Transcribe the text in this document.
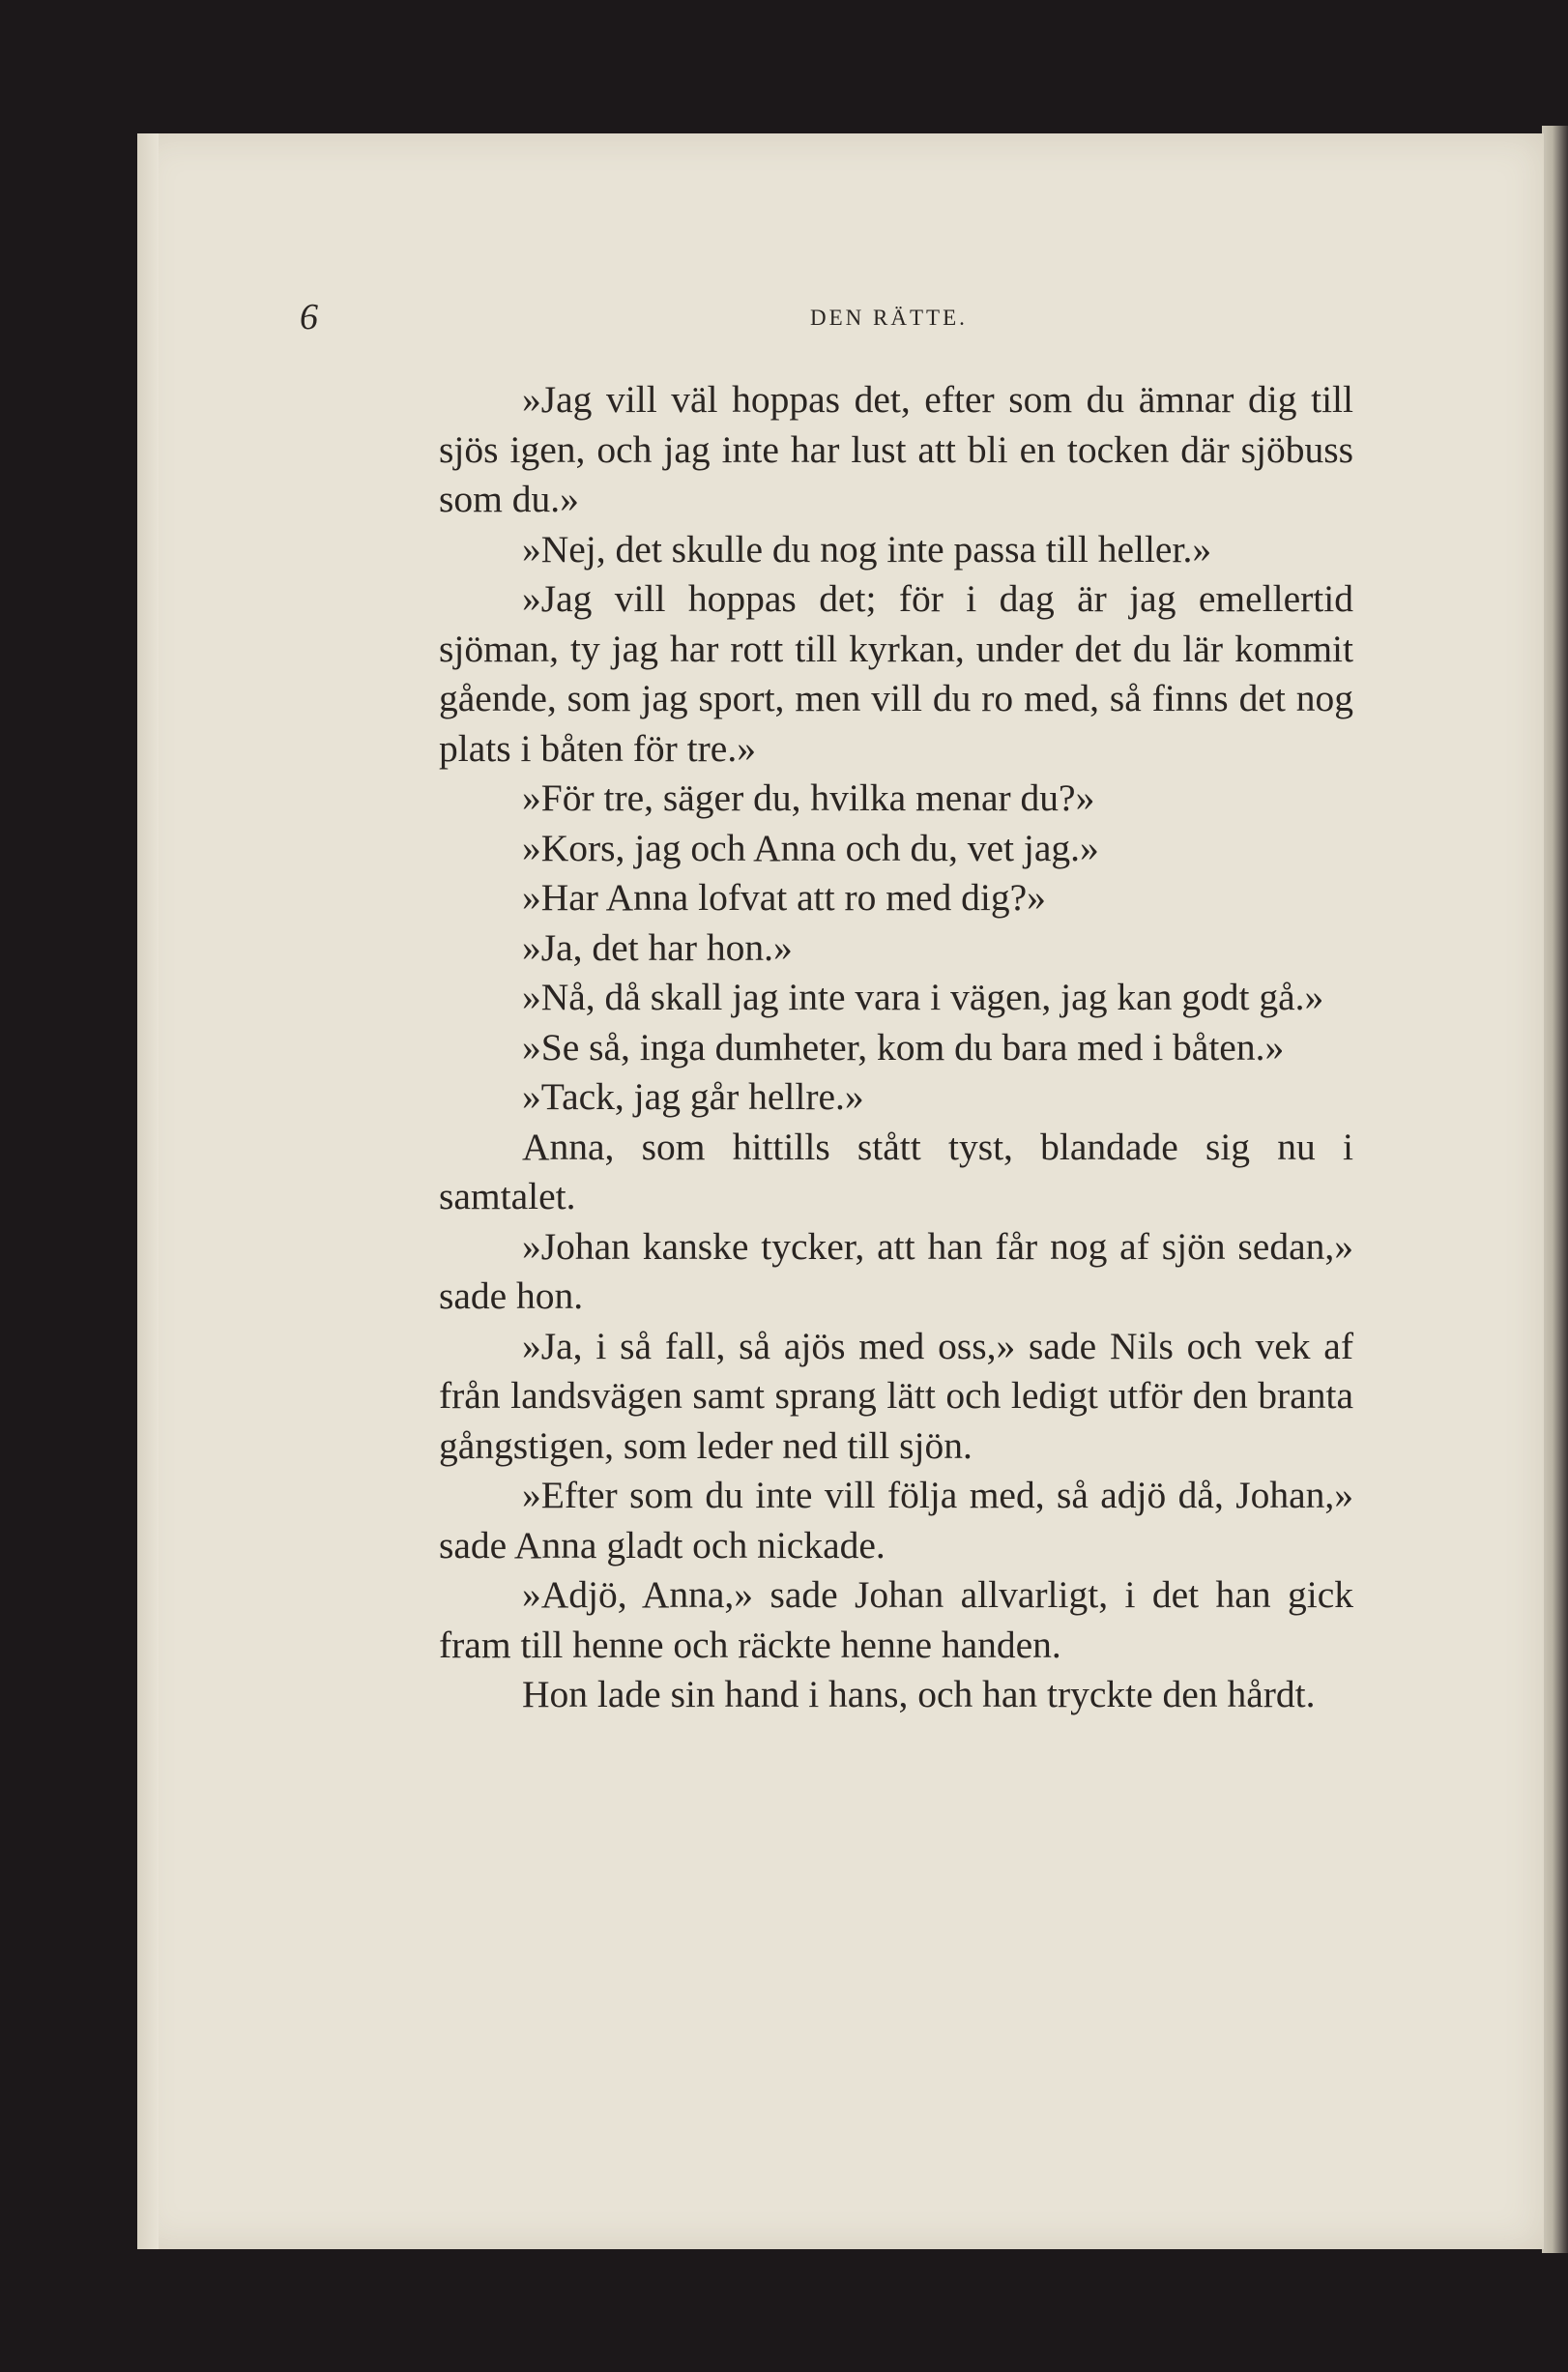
6	DEN RÄTTE.

»Jag vill väl hoppas det, efter som du ämnar dig till sjös igen, och jag inte har lust att bli en tocken där sjöbuss som du.»

»Nej, det skulle du nog inte passa till heller.»

»Jag vill hoppas det; för i dag är jag emellertid sjöman, ty jag har rott till kyrkan, under det du lär kommit gående, som jag sport, men vill du ro med, så finns det nog plats i båten för tre.»

»För tre, säger du, hvilka menar du?»

»Kors, jag och Anna och du, vet jag.»

»Har Anna lofvat att ro med dig?»

»Ja, det har hon.»

»Nå, då skall jag inte vara i vägen, jag kan godt gå.»

»Se så, inga dumheter, kom du bara med i båten.»

»Tack, jag går hellre.»

Anna, som hittills stått tyst, blandade sig nu i samtalet.

»Johan kanske tycker, att han får nog af sjön sedan,» sade hon.

»Ja, i så fall, så ajös med oss,» sade Nils och vek af från landsvägen samt sprang lätt och ledigt utför den branta gångstigen, som leder ned till sjön.

»Efter som du inte vill följa med, så adjö då, Johan,» sade Anna gladt och nickade.

»Adjö, Anna,» sade Johan allvarligt, i det han gick fram till henne och räckte henne handen.

Hon lade sin hand i hans, och han tryckte den hårdt.
